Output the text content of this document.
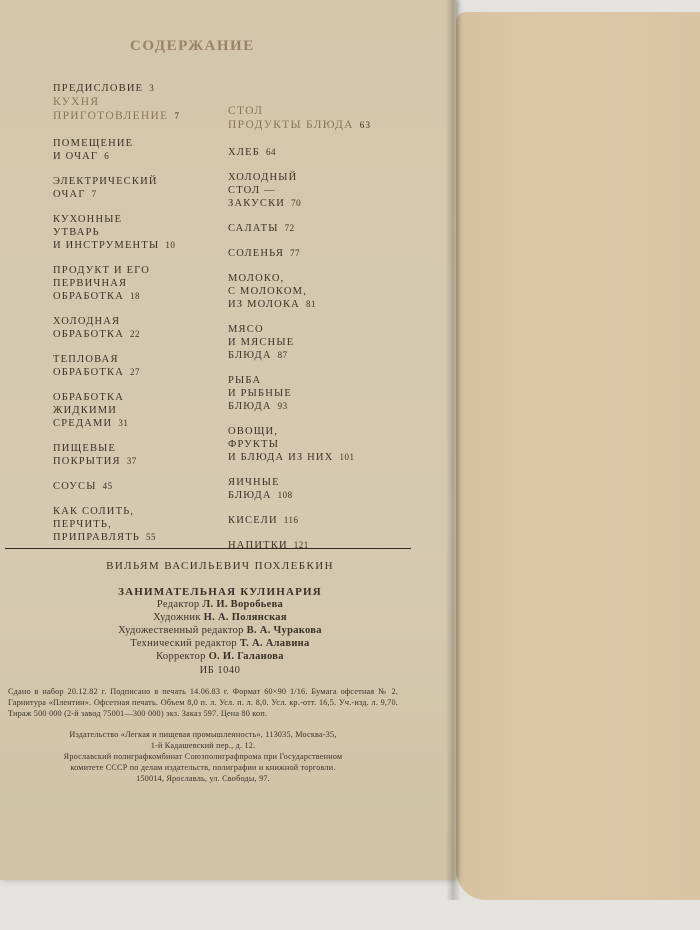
СОДЕРЖАНИЕ
ПРЕДИСЛОВИЕ 3
КУХНЯ
ПРИГОТОВЛЕНИЕ 7
ПОМЕЩЕНИЕ
И ОЧАГ 6
ЭЛЕКТРИЧЕСКИЙ
ОЧАГ 7
КУХОННЫЕ
УТВАРЬ
И ИНСТРУМЕНТЫ 10
ПРОДУКТ И ЕГО
ПЕРВИЧНАЯ
ОБРАБОТКА 18
ХОЛОДНАЯ
ОБРАБОТКА 22
ТЕПЛОВАЯ
ОБРАБОТКА 27
ОБРАБОТКА
ЖИДКИМИ
СРЕДАМИ 31
ПИЩЕВЫЕ
ПОКРЫТИЯ 37
СОУСЫ 45
КАК СОЛИТЬ,
ПЕРЧИТЬ,
ПРИПРАВЛЯТЬ 55
СТОЛ
ПРОДУКТЫ БЛЮДА 63
ХЛЕБ 64
ХОЛОДНЫЙ
СТОЛ —
ЗАКУСКИ 70
САЛАТЫ 72
СОЛЕНЬЯ 77
МОЛОКО,
С МОЛОКОМ,
ИЗ МОЛОКА 81
МЯСО
И МЯСНЫЕ
БЛЮДА 87
РЫБА
И РЫБНЫЕ
БЛЮДА 93
ОВОЩИ,
ФРУКТЫ
И БЛЮДА ИЗ НИХ 101
ЯИЧНЫЕ
БЛЮДА 108
КИСЕЛИ 116
НАПИТКИ 121
ВИЛЬЯМ ВАСИЛЬЕВИЧ ПОХЛЕБКИН
ЗАНИМАТЕЛЬНАЯ КУЛИНАРИЯ
Редактор Л. И. Воробьева
Художник Н. А. Полянская
Художественный редактор В. А. Чуракова
Технический редактор Т. А. Алавина
Корректор О. И. Галанова
ИБ 1040
Сдано в набор 20.12.82 г. Подписано в печать 14.06.83 г. Формат 60×90 1/16. Бумага офсетная № 2. Гарнитура «Плентин». Офсетная печать. Объем 8,0 п. л. Усл. п. л. 8,0. Усл. кр.-отт. 16,5. Уч.-изд. л. 9,70. Тираж 500 000 (2-й завод 75001—300 000) экз. Заказ 597. Цена 80 коп.
Издательство «Легкая и пищевая промышленность», 113035, Москва-35,
1-й Кадашевский пер., д. 12.
Ярославский полиграфкомбинат Союзполиграфпрома при Государственном
комитете СССР по делам издательств, полиграфии и книжной торговли.
150014, Ярославль, ул. Свободы, 97.
